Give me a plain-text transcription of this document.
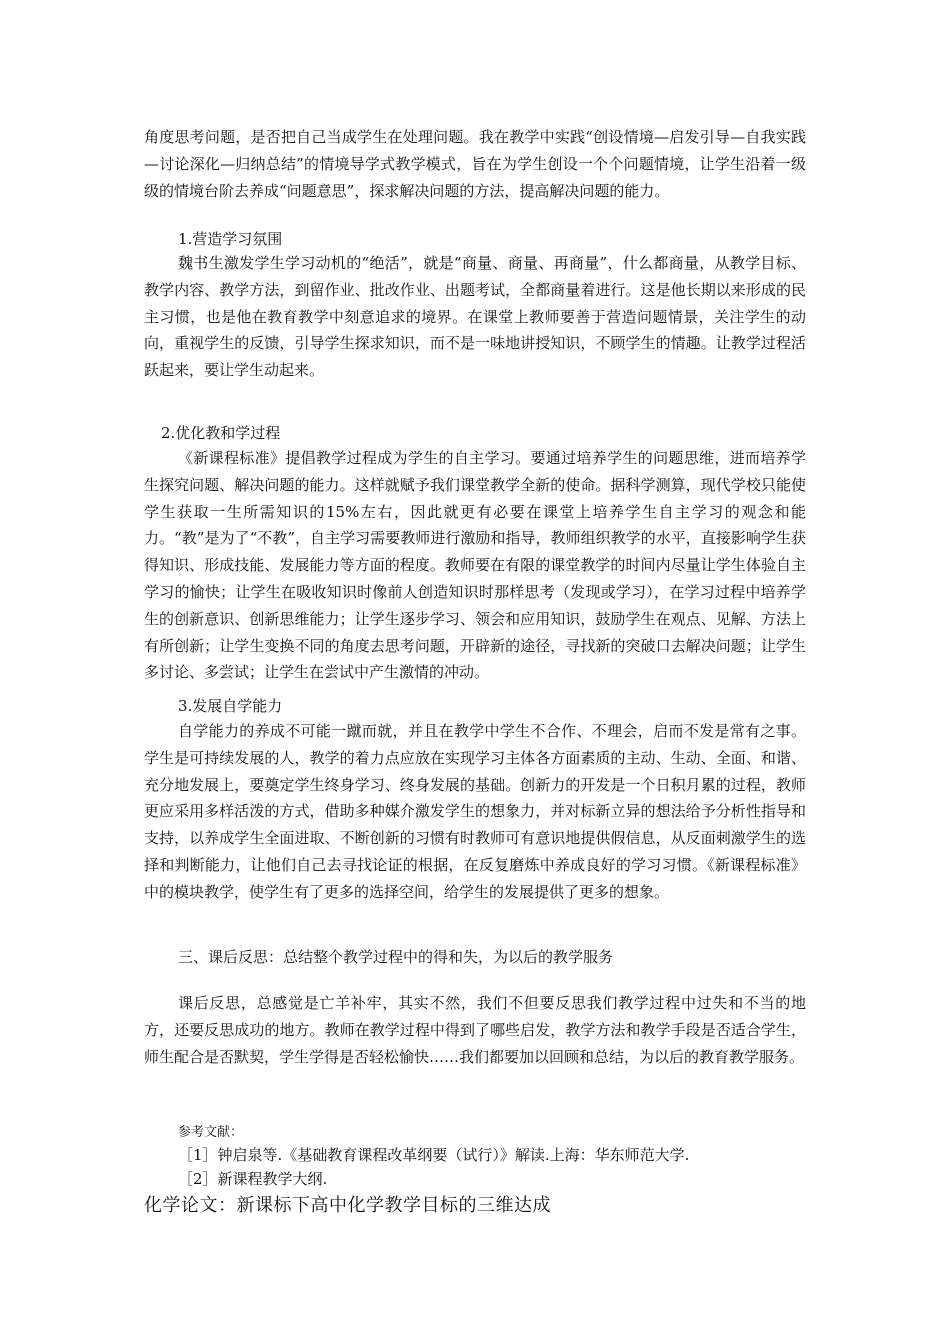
角度思考问题，是否把自己当成学生在处理问题。我在教学中实践“创设情境—启发引导—自我实践—讨论深化—归纳总结”的情境导学式教学模式，旨在为学生创设一个个问题情境，让学生沿着一级级的情境台阶去养成“问题意思”，探求解决问题的方法，提高解决问题的能力。

1.营造学习氛围

魏书生激发学生学习动机的“绝活”，就是“商量、商量、再商量”，什么都商量，从教学目标、教学内容、教学方法，到留作业、批改作业、出题考试，全都商量着进行。这是他长期以来形成的民主习惯，也是他在教育教学中刻意追求的境界。在课堂上教师要善于营造问题情景，关注学生的动向，重视学生的反馈，引导学生探求知识，而不是一味地讲授知识，不顾学生的情趣。让教学过程活跃起来，要让学生动起来。

2.优化教和学过程

《新课程标准》提倡教学过程成为学生的自主学习。要通过培养学生的问题思维，进而培养学生探究问题、解决问题的能力。这样就赋予我们课堂教学全新的使命。据科学测算，现代学校只能使学生获取一生所需知识的15%左右，因此就更有必要在课堂上培养学生自主学习的观念和能力。“教”是为了“不教”，自主学习需要教师进行激励和指导，教师组织教学的水平，直接影响学生获得知识、形成技能、发展能力等方面的程度。教师要在有限的课堂教学的时间内尽量让学生体验自主学习的愉快；让学生在吸收知识时像前人创造知识时那样思考（发现或学习），在学习过程中培养学生的创新意识、创新思维能力；让学生逐步学习、领会和应用知识，鼓励学生在观点、见解、方法上有所创新；让学生变换不同的角度去思考问题，开辟新的途径，寻找新的突破口去解决问题；让学生多讨论、多尝试；让学生在尝试中产生激情的冲动。

3.发展自学能力

自学能力的养成不可能一蹴而就，并且在教学中学生不合作、不理会，启而不发是常有之事。学生是可持续发展的人，教学的着力点应放在实现学习主体各方面素质的主动、生动、全面、和谐、充分地发展上，要奠定学生终身学习、终身发展的基础。创新力的开发是一个日积月累的过程，教师更应采用多样活泼的方式，借助多种媒介激发学生的想象力，并对标新立异的想法给予分析性指导和支持，以养成学生全面进取、不断创新的习惯有时教师可有意识地提供假信息，从反面刺激学生的选择和判断能力，让他们自己去寻找论证的根据，在反复磨炼中养成良好的学习习惯。《新课程标准》中的模块教学，使学生有了更多的选择空间，给学生的发展提供了更多的想象。

三、课后反思：总结整个教学过程中的得和失，为以后的教学服务

课后反思，总感觉是亡羊补牢，其实不然，我们不但要反思我们教学过程中过失和不当的地方，还要反思成功的地方。教师在教学过程中得到了哪些启发，教学方法和教学手段是否适合学生，师生配合是否默契，学生学得是否轻松愉快……我们都要加以回顾和总结，为以后的教育教学服务。

参考文献：
［1］钟启泉等.《基础教育课程改革纲要（试行）》解读.上海：华东师范大学.
［2］新课程教学大纲.
化学论文：新课标下高中化学教学目标的三维达成
